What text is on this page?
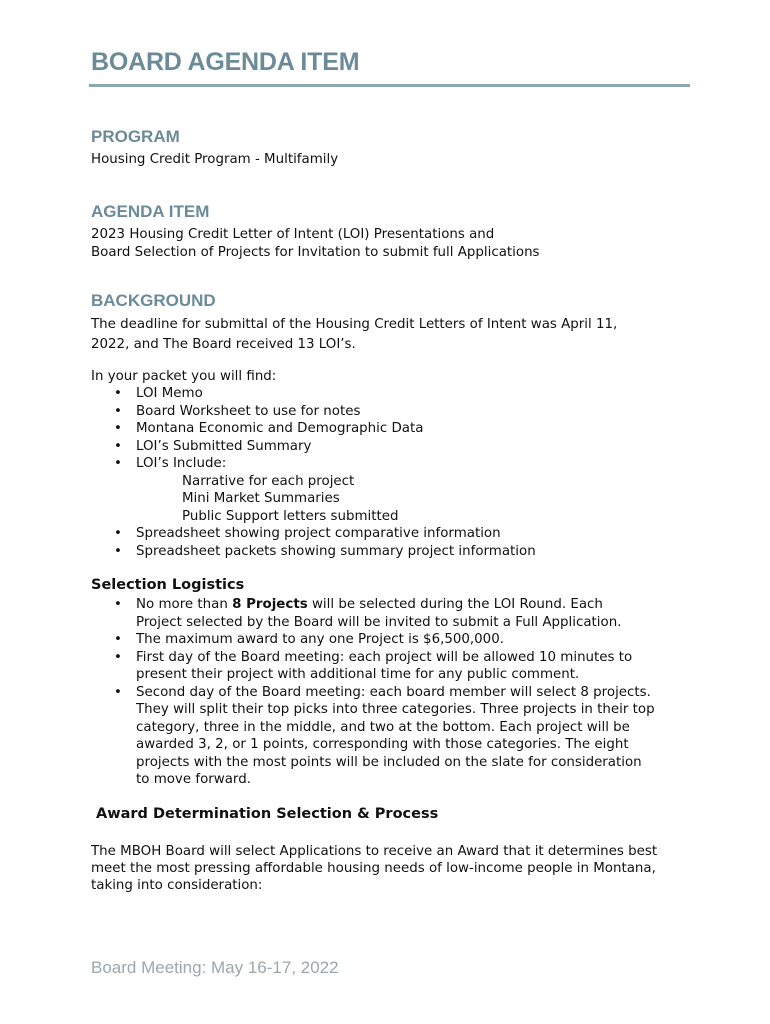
BOARD AGENDA ITEM
PROGRAM

Housing Credit Program - Multifamily

AGENDA ITEM

2023 Housing Credit Letter of Intent (LOI) Presentations and

Board Selection of Projects for Invitation to submit full Applications

BACKGROUND

The deadline for submittal of the Housing Credit Letters of Intent was April 11,

2022, and The Board received 13 LOI’s.

In your packet you will find:

• LOI Memo
• Board Worksheet to use for notes
• Montana Economic and Demographic Data
• LOI’s Submitted Summary
• LOI’s Include:
Narrative for each project
Mini Market Summaries
Public Support letters submitted
• Spreadsheet showing project comparative information
• Spreadsheet packets showing summary project information
Selection Logistics
• No more than 8 Projects will be selected during the LOI Round. Each
Project selected by the Board will be invited to submit a Full Application.
• The maximum award to any one Project is $6,500,000.
• First day of the Board meeting: each project will be allowed 10 minutes to
present their project with additional time for any public comment.
• Second day of the Board meeting: each board member will select 8 projects.
They will split their top picks into three categories. Three projects in their top
category, three in the middle, and two at the bottom. Each project will be
awarded 3, 2, or 1 points, corresponding with those categories. The eight
projects with the most points will be included on the slate for consideration
to move forward.
Award Determination Selection & Process

The MBOH Board will select Applications to receive an Award that it determines best

meet the most pressing affordable housing needs of low-income people in Montana,

taking into consideration:

Board Meeting: May 16-17, 2022
